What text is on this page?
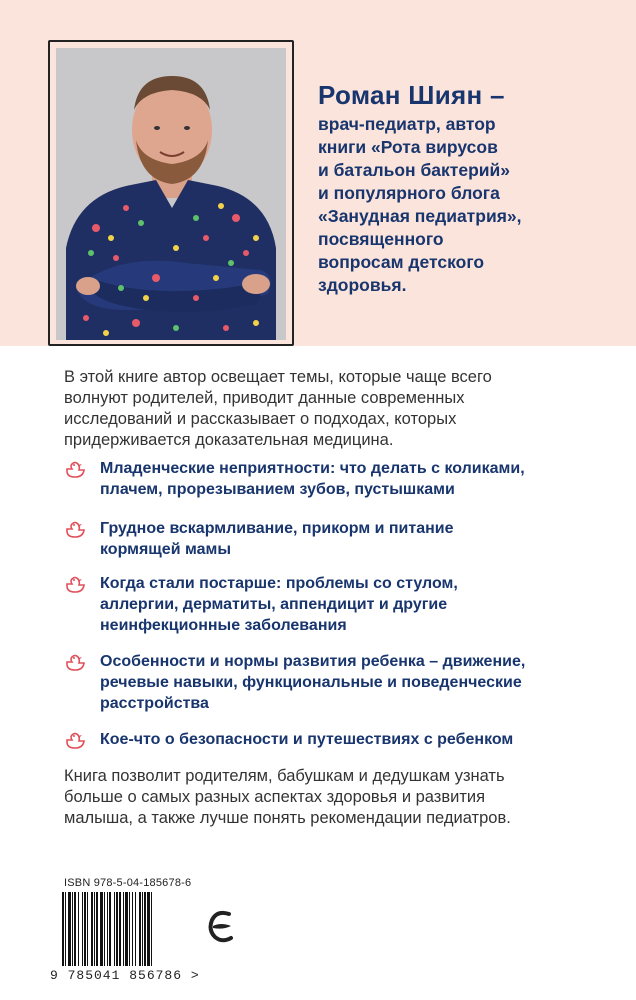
Роман Шиян –
врач-педиатр, автор
книги «Рота вирусов
и батальон бактерий»
и популярного блога
«Занудная педиатрия»,
посвященного
вопросам детского
здоровья.

В этой книге автор освещает темы, которые чаще всего
волнуют родителей, приводит данные современных
исследований и рассказывает о подходах, которых
придерживается доказательная медицина.

Младенческие неприятности: что делать с коликами,
плачем, прорезыванием зубов, пустышками
Грудное вскармливание, прикорм и питание
кормящей мамы
Когда стали постарше: проблемы со стулом,
аллергии, дерматиты, аппендицит и другие
неинфекционные заболевания
Особенности и нормы развития ребенка – движение,
речевые навыки, функциональные и поведенческие
расстройства
Кое-что о безопасности и путешествиях с ребенком

Книга позволит родителям, бабушкам и дедушкам узнать
больше о самых разных аспектах здоровья и развития
малыша, а также лучше понять рекомендации педиатров.

ISBN 978-5-04-185678-6
9 785041 856786 >
